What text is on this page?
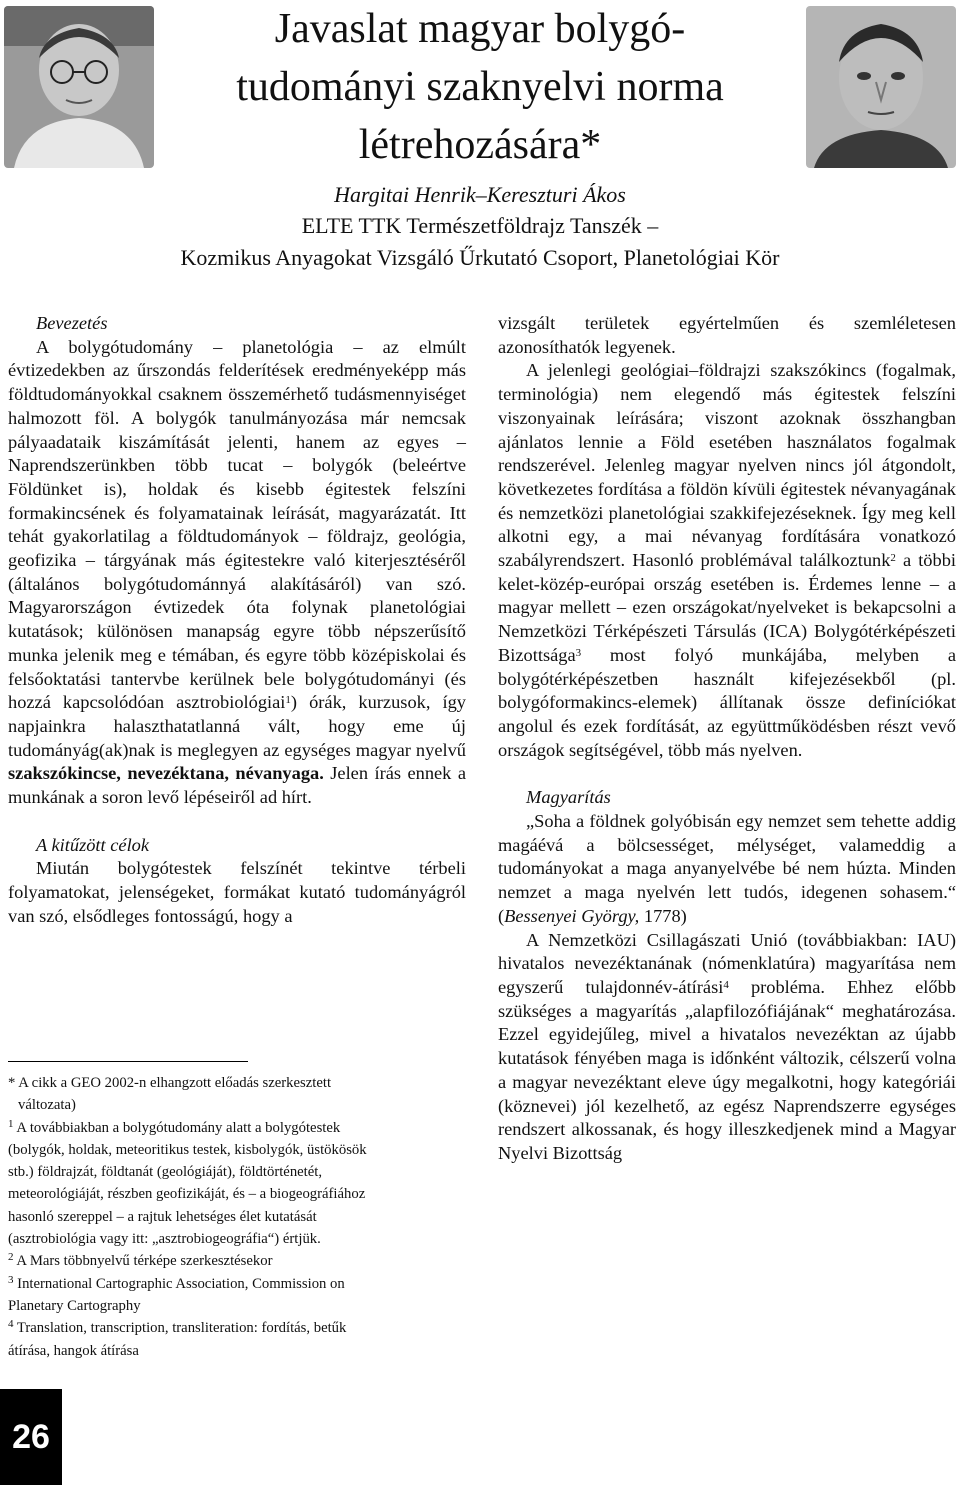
Javaslat magyar bolygó-
tudományi szaknyelvi norma
létrehozására*

Hargitai Henrik–Kereszturi Ákos

ELTE TTK Természetföldrajz Tanszék –

Kozmikus Anyagokat Vizsgáló Űrkutató Csoport, Planetológiai Kör

Bevezetés

A bolygótudomány – planetológia – az elmúlt évtizedekben az űrszondás felderítések eredményeképp más földtudományokkal csaknem összemérhető tudásmennyiséget halmozott föl. A bolygók tanulmányozása már nemcsak pályaadataik kiszámítását jelenti, hanem az egyes – Naprendszerünkben több tucat – bolygók (beleértve Földünket is), holdak és kisebb égitestek felszíni formakincsének és folyamatainak leírását, magyarázatát. Itt tehát gyakorlatilag a földtudományok – földrajz, geológia, geofizika – tárgyának más égitestekre való kiterjesztéséről (általános bolygótudománnyá alakításáról) van szó. Magyarországon évtizedek óta folynak planetológiai kutatások; különösen manapság egyre több népszerűsítő munka jelenik meg e témában, és egyre több középiskolai és felsőoktatási tantervbe kerülnek bele bolygótudományi (és hozzá kapcsolódóan asztrobiológiai$^1$) órák, kurzusok, így napjainkra halaszthatatlanná vált, hogy eme új tudományág(ak)nak is meglegyen az egységes magyar nyelvű szakszókincse, nevezéktana, névanyaga. Jelen írás ennek a munkának a soron levő lépéseiről ad hírt.

A kitűzött célok

Miután bolygótestek felszínét tekintve térbeli folyamatokat, jelenségeket, formákat kutató tudományágról van szó, elsődleges fontosságú, hogy a

vizsgált területek egyértelműen és szemléletesen azonosíthatók legyenek.

A jelenlegi geológiai–földrajzi szakszókincs (fogalmak, terminológia) nem elegendő más égitestek felszíni viszonyainak leírására; viszont azoknak összhangban ajánlatos lennie a Föld esetében használatos fogalmak rendszerével. Jelenleg magyar nyelven nincs jól átgondolt, következetes fordítása a földön kívüli égitestek névanyagának és nemzetközi planetológiai szakkifejezéseknek. Így meg kell alkotni egy, a mai névanyag fordítására vonatkozó szabályrendszert. Hasonló problémával találkoztunk$^2$ a többi kelet-közép-európai ország esetében is. Érdemes lenne – a magyar mellett – ezen országokat/nyelveket is bekapcsolni a Nemzetközi Térképészeti Társulás (ICA) Bolygótérképészeti Bizottsága$^3$ most folyó munkájába, melyben a bolygótérképészetben használt kifejezésekből (pl. bolygóformakincs-elemek) állítanak össze definíciókat angolul és ezek fordítását, az együttműködésben részt vevő országok segítségével, több más nyelven.

Magyarítás

„Soha a földnek golyóbisán egy nemzet sem tehette addig magáévá a bölcsességet, mélységet, valameddig a tudományokat a maga anyanyelvébe bé nem húzta. Minden nemzet a maga nyelvén lett tudós, idegenen sohasem.“ (Bessenyei György, 1778)

A Nemzetközi Csillagászati Unió (továbbiakban: IAU) hivatalos nevezéktanának (nómenklatúra) magyarítása nem egyszerű tulajdonnév-átírási$^4$ probléma. Ehhez előbb szükséges a magyarítás „alapfilozófiájának“ meghatározása. Ezzel egyidejűleg, mivel a hivatalos nevezéktan az újabb kutatások fényében maga is időnként változik, célszerű volna a magyar nevezéktant eleve úgy megalkotni, hogy kategóriái (köznevei) jól kezelhető, az egész Naprendszerre egységes rendszert alkossanak, és hogy illeszkedjenek mind a Magyar Nyelvi Bizottság

* A cikk a GEO 2002-n elhangzott előadás szerkesztett
változata)
$^1$ A továbbiakban a bolygótudomány alatt a bolygótestek
(bolygók, holdak, meteoritikus testek, kisbolygók, üstökösök
stb.) földrajzát, földtanát (geológiáját), földtörténetét,
meteorológiáját, részben geofizikáját, és – a biogeográfiához
hasonló szereppel – a rajtuk lehetséges élet kutatását
(asztrobiológia vagy itt: „asztrobiogeográfia“) értjük.
$^2$ A Mars többnyelvű térképe szerkesztésekor
$^3$ International Cartographic Association, Commission on
Planetary Cartography
$^4$ Translation, transcription, transliteration: fordítás, betűk
átírása, hangok átírása
26
